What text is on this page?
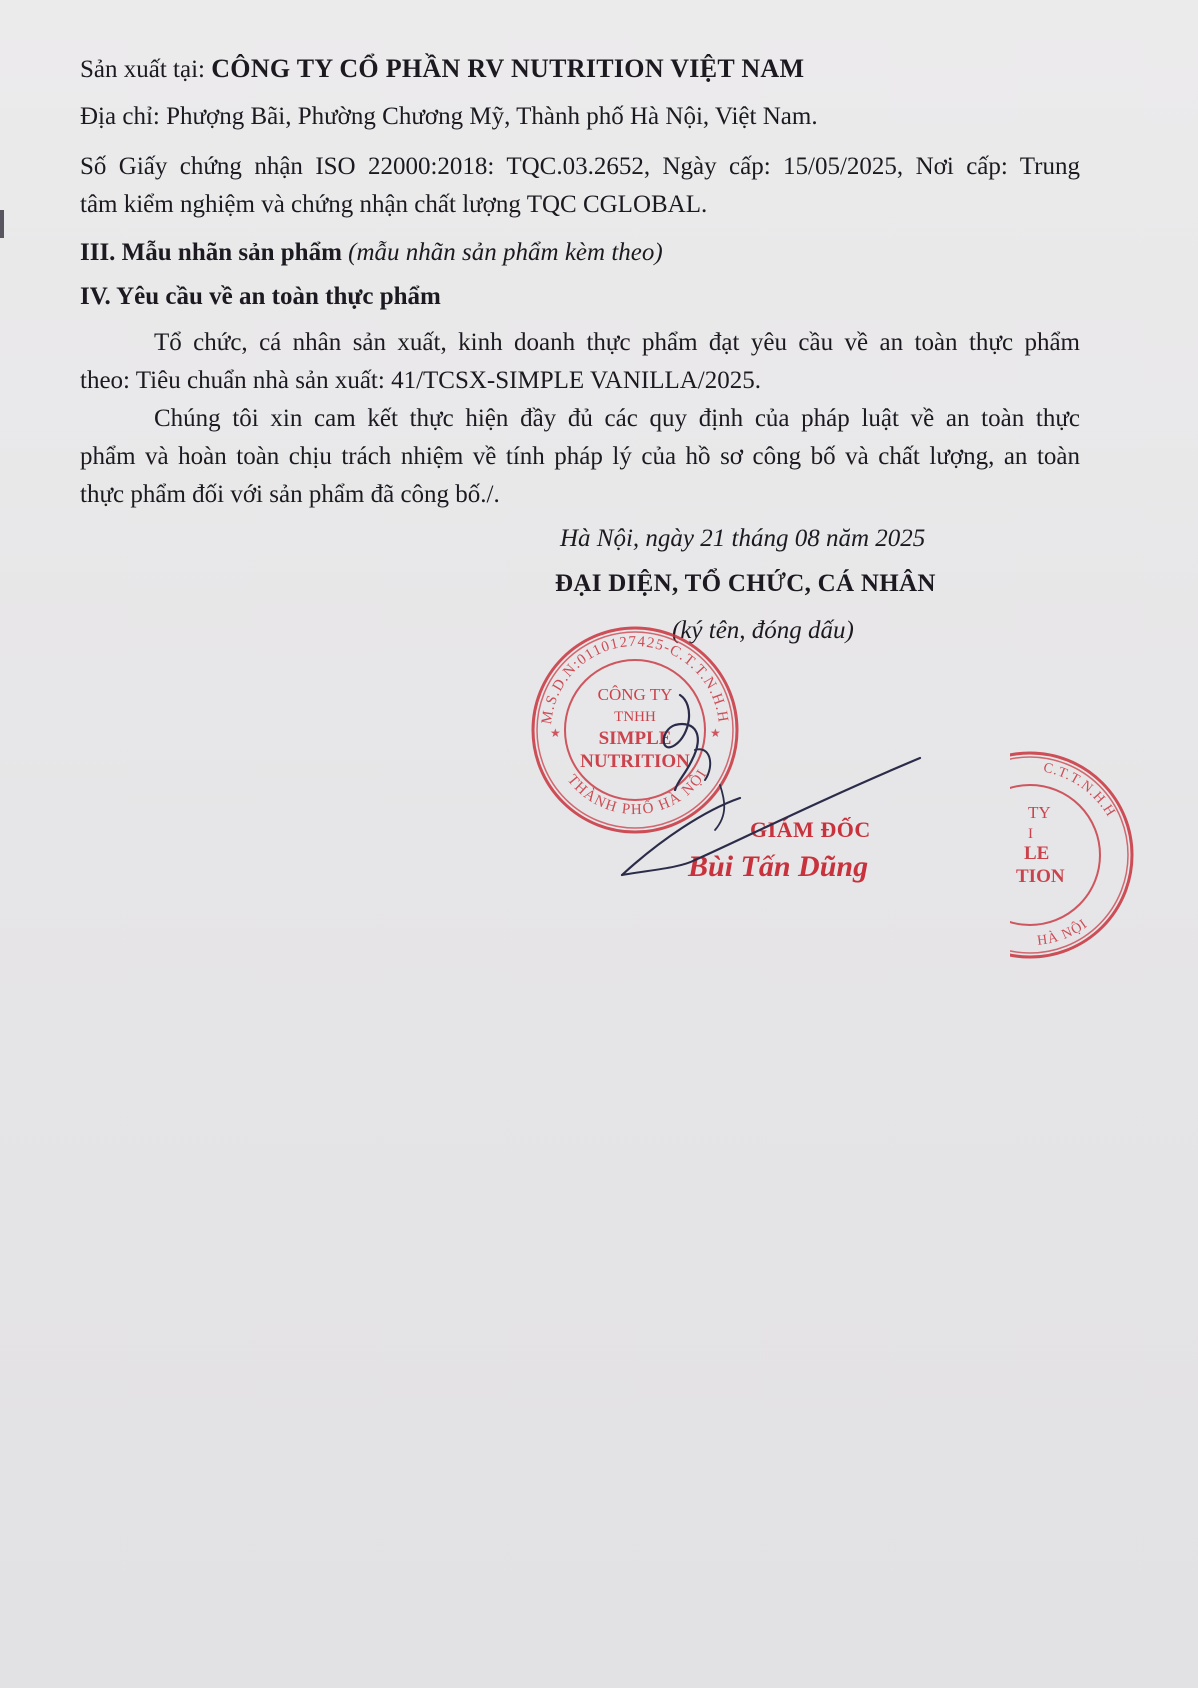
Sản xuất tại: CÔNG TY CỔ PHẦN RV NUTRITION VIỆT NAM
Địa chỉ: Phượng Bãi, Phường Chương Mỹ, Thành phố Hà Nội, Việt Nam.
Số Giấy chứng nhận ISO 22000:2018: TQC.03.2652, Ngày cấp: 15/05/2025, Nơi cấp: Trung
tâm kiểm nghiệm và chứng nhận chất lượng TQC CGLOBAL.
III. Mẫu nhãn sản phẩm (mẫu nhãn sản phẩm kèm theo)
IV. Yêu cầu về an toàn thực phẩm
Tổ chức, cá nhân sản xuất, kinh doanh thực phẩm đạt yêu cầu về an toàn thực phẩm
theo: Tiêu chuẩn nhà sản xuất: 41/TCSX-SIMPLE VANILLA/2025.
Chúng tôi xin cam kết thực hiện đầy đủ các quy định của pháp luật về an toàn thực
phẩm và hoàn toàn chịu trách nhiệm về tính pháp lý của hồ sơ công bố và chất lượng, an toàn
thực phẩm đối với sản phẩm đã công bố./.
Hà Nội, ngày 21 tháng 08 năm 2025
ĐẠI DIỆN, TỔ CHỨC, CÁ NHÂN
(ký tên, đóng dấu)
M.S.D.N:0110127425-C.T.T.N.H.H
THÀNH PHỐ HÀ NỘI
★	★
CÔNG TY
TNHH
SIMPLE
NUTRITION	C.T.T.N.H.H
HÀ NỘI
TY
I
LE
TION
GIÁM ĐỐC
Bùi Tấn Dũng
